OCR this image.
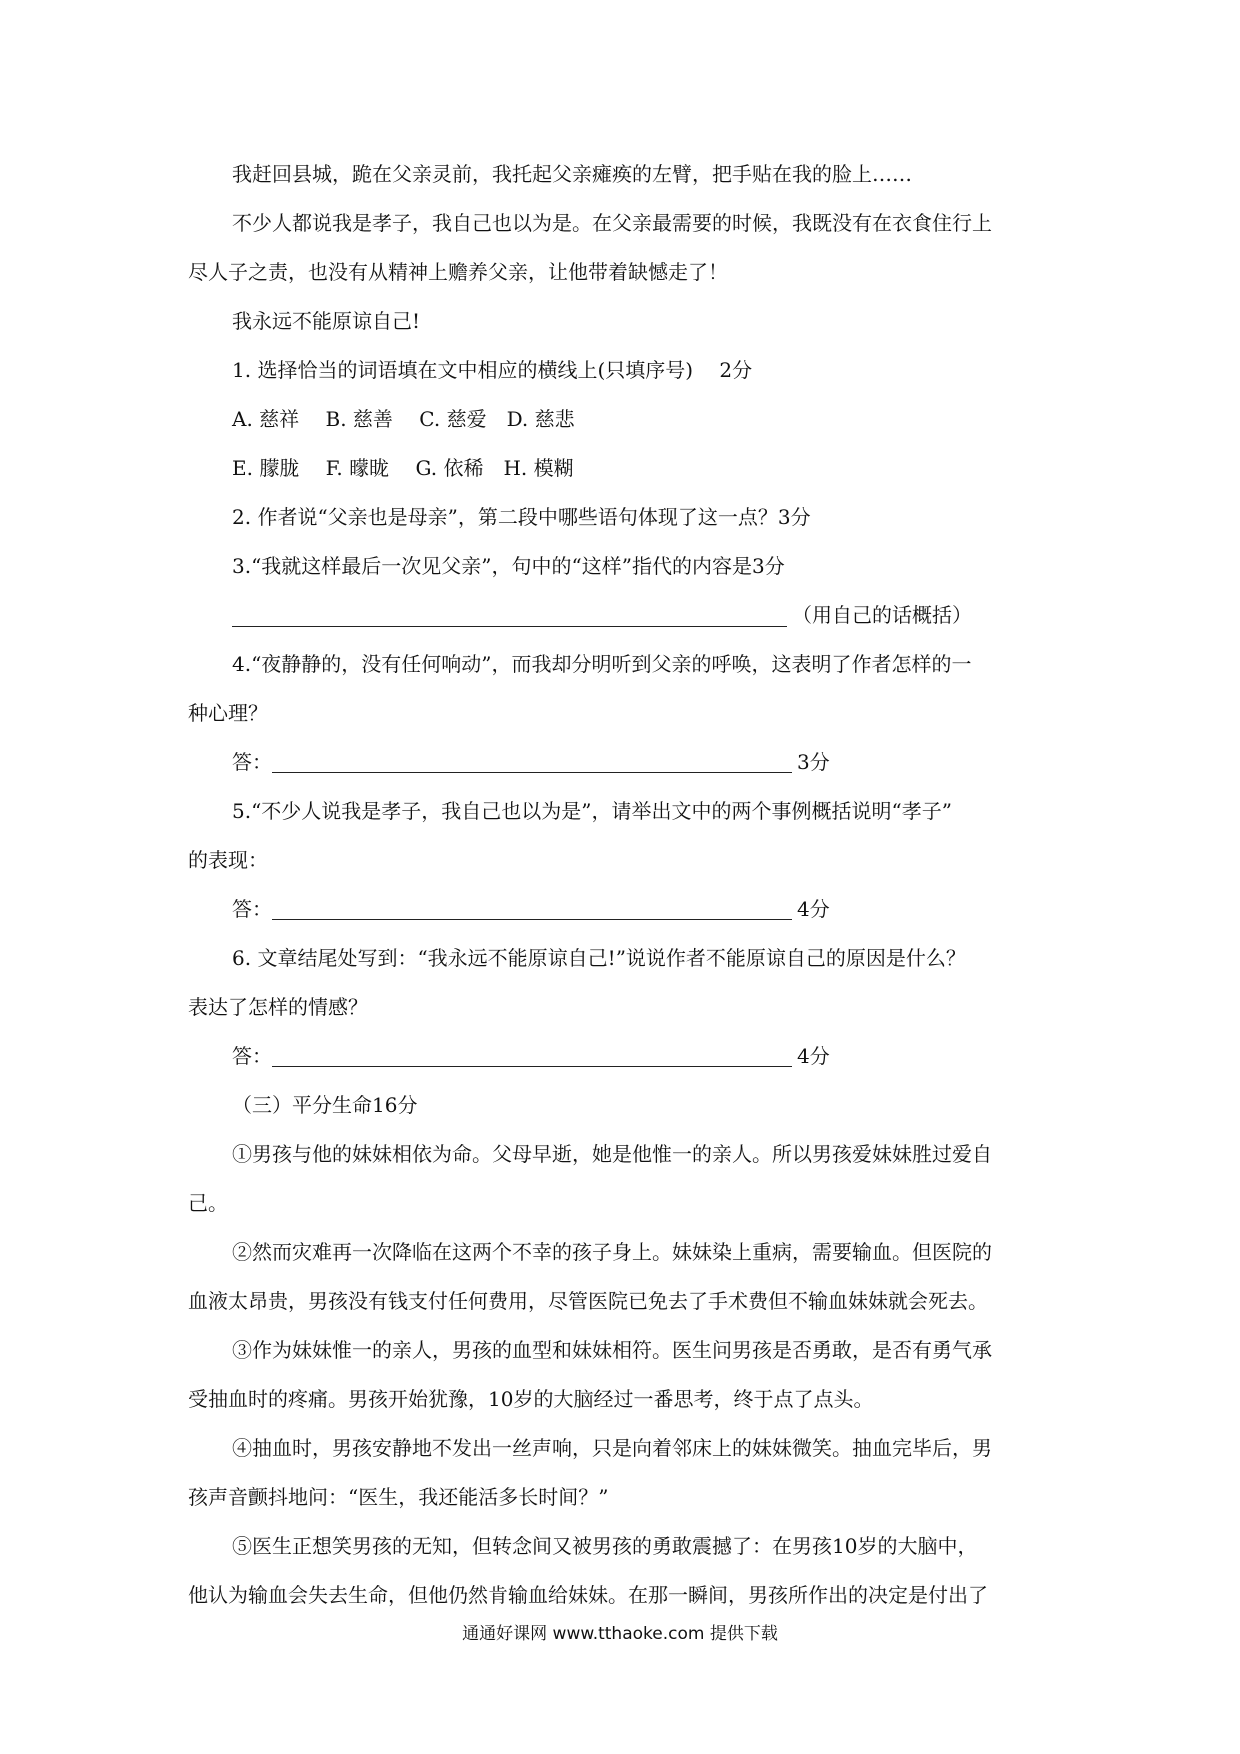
我赶回县城，跪在父亲灵前，我托起父亲瘫痪的左臂，把手贴在我的脸上……
不少人都说我是孝子，我自己也以为是。在父亲最需要的时候，我既没有在衣食住行上
尽人子之责，也没有从精神上赡养父亲，让他带着缺憾走了！
我永远不能原谅自己!
1. 选择恰当的词语填在文中相应的横线上(只填序号)　 2分
A. 慈祥　 B. 慈善　 C. 慈爱　D. 慈悲
E. 朦胧　 F. 曚昽　 G. 依稀　H. 模糊
2. 作者说“父亲也是母亲”，第二段中哪些语句体现了这一点？3分
3.“我就这样最后一次见父亲”，句中的“这样”指代的内容是3分
（用自己的话概括）
4.“夜静静的，没有任何响动”，而我却分明听到父亲的呼唤，这表明了作者怎样的一
种心理？
答：	3分
5.“不少人说我是孝子，我自己也以为是”，请举出文中的两个事例概括说明“孝子”
的表现：
答：	4分
6. 文章结尾处写到：“我永远不能原谅自己!”说说作者不能原谅自己的原因是什么？
表达了怎样的情感？
答：	4分
（三）平分生命16分
①男孩与他的妹妹相依为命。父母早逝，她是他惟一的亲人。所以男孩爱妹妹胜过爱自
己。
②然而灾难再一次降临在这两个不幸的孩子身上。妹妹染上重病，需要输血。但医院的
血液太昂贵，男孩没有钱支付任何费用，尽管医院已免去了手术费但不输血妹妹就会死去。
③作为妹妹惟一的亲人，男孩的血型和妹妹相符。医生问男孩是否勇敢，是否有勇气承
受抽血时的疼痛。男孩开始犹豫，10岁的大脑经过一番思考，终于点了点头。
④抽血时，男孩安静地不发出一丝声响，只是向着邻床上的妹妹微笑。抽血完毕后，男
孩声音颤抖地问：“医生，我还能活多长时间？”
⑤医生正想笑男孩的无知，但转念间又被男孩的勇敢震撼了：在男孩10岁的大脑中，
他认为输血会失去生命，但他仍然肯输血给妹妹。在那一瞬间，男孩所作出的决定是付出了
通通好课网 www.tthaoke.com 提供下载
